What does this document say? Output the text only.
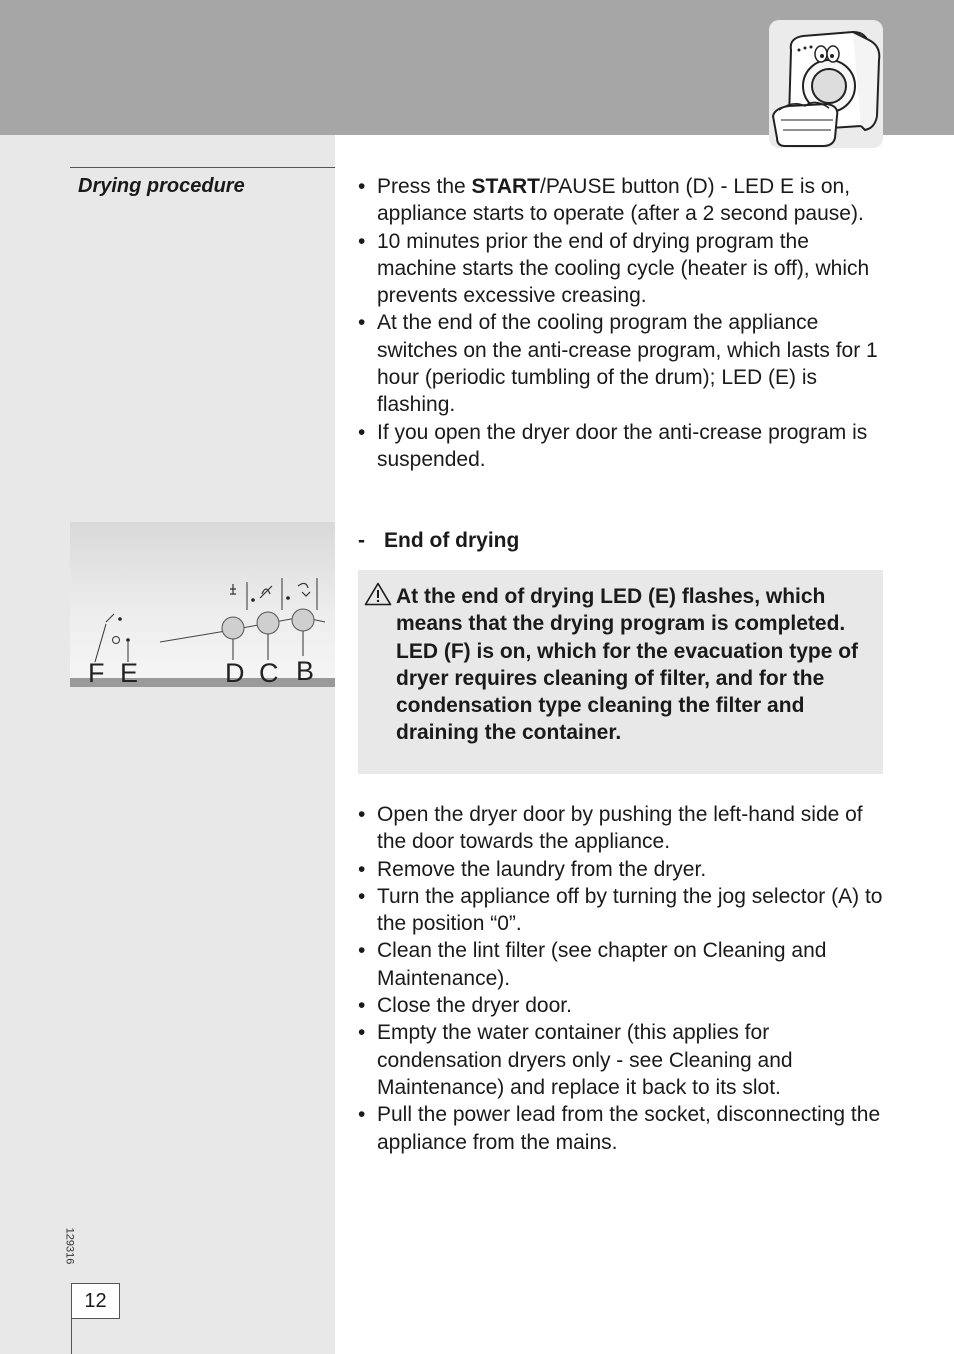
Drying procedure
•	Press the START/PAUSE button (D) - LED E is on, appliance starts to operate (after a 2 second pause).
• 10 minutes prior the end of drying program the machine starts the cooling cycle (heater is off), which prevents excessive creasing.
• At the end of the cooling program the appliance switches on the anti-crease program, which lasts for 1 hour (periodic tumbling of the drum); LED (E) is flashing.
• If you open the dryer door the anti-crease program is suspended.
F E	D C B
- End of drying
At the end of drying LED (E) flashes, which means that the drying program is completed. LED (F) is on, which for the evacuation type of dryer requires cleaning of filter, and for the condensation type cleaning the filter and draining the container.
• Open the dryer door by pushing the left-hand side of the door towards the appliance.
• Remove the laundry from the dryer.
• Turn the appliance off by turning the jog selector (A) to the position “0”.
• Clean the lint filter (see chapter on Cleaning and Maintenance).
• Close the dryer door.
• Empty the water container (this applies for condensation dryers only - see Cleaning and Maintenance) and replace it back to its slot.
• Pull the power lead from the socket, disconnecting the appliance from the mains.
129316
12
